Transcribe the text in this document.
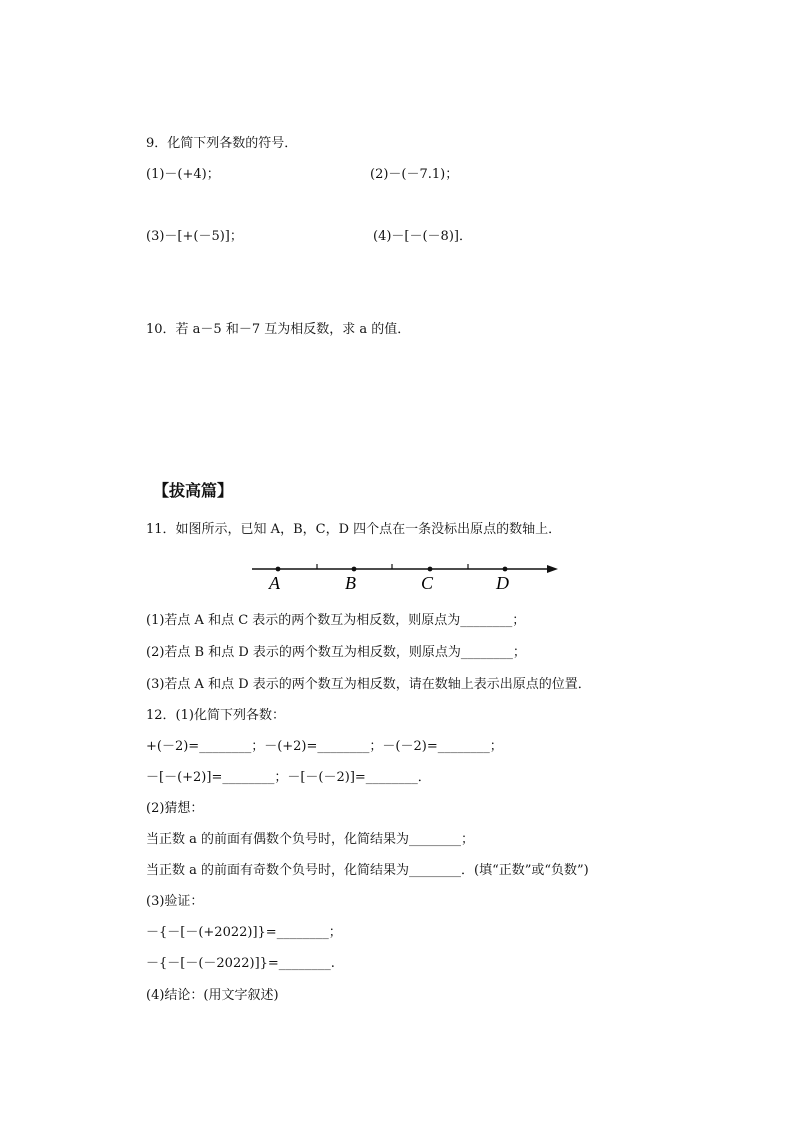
9．化简下列各数的符号．
(1)－(+4)；	(2)－(－7.1)；
(3)－[+(－5)]；	(4)－[－(－8)]．
10．若 a－5 和－7 互为相反数，求 a 的值．
【拔高篇】
11．如图所示，已知 A，B，C，D 四个点在一条没标出原点的数轴上．
A	B	C	D
(1)若点 A 和点 C 表示的两个数互为相反数，则原点为________；
(2)若点 B 和点 D 表示的两个数互为相反数，则原点为________；
(3)若点 A 和点 D 表示的两个数互为相反数，请在数轴上表示出原点的位置．
12．(1)化简下列各数：
+(－2)=________；－(+2)=________；－(－2)=________；
－[－(+2)]=________；－[－(－2)]=________．
(2)猜想：
当正数 a 的前面有偶数个负号时，化简结果为________；
当正数 a 的前面有奇数个负号时，化简结果为________．(填“正数”或“负数”)
(3)验证：
－{－[－(+2022)]}=________；
－{－[－(－2022)]}=________.
(4)结论：(用文字叙述)
